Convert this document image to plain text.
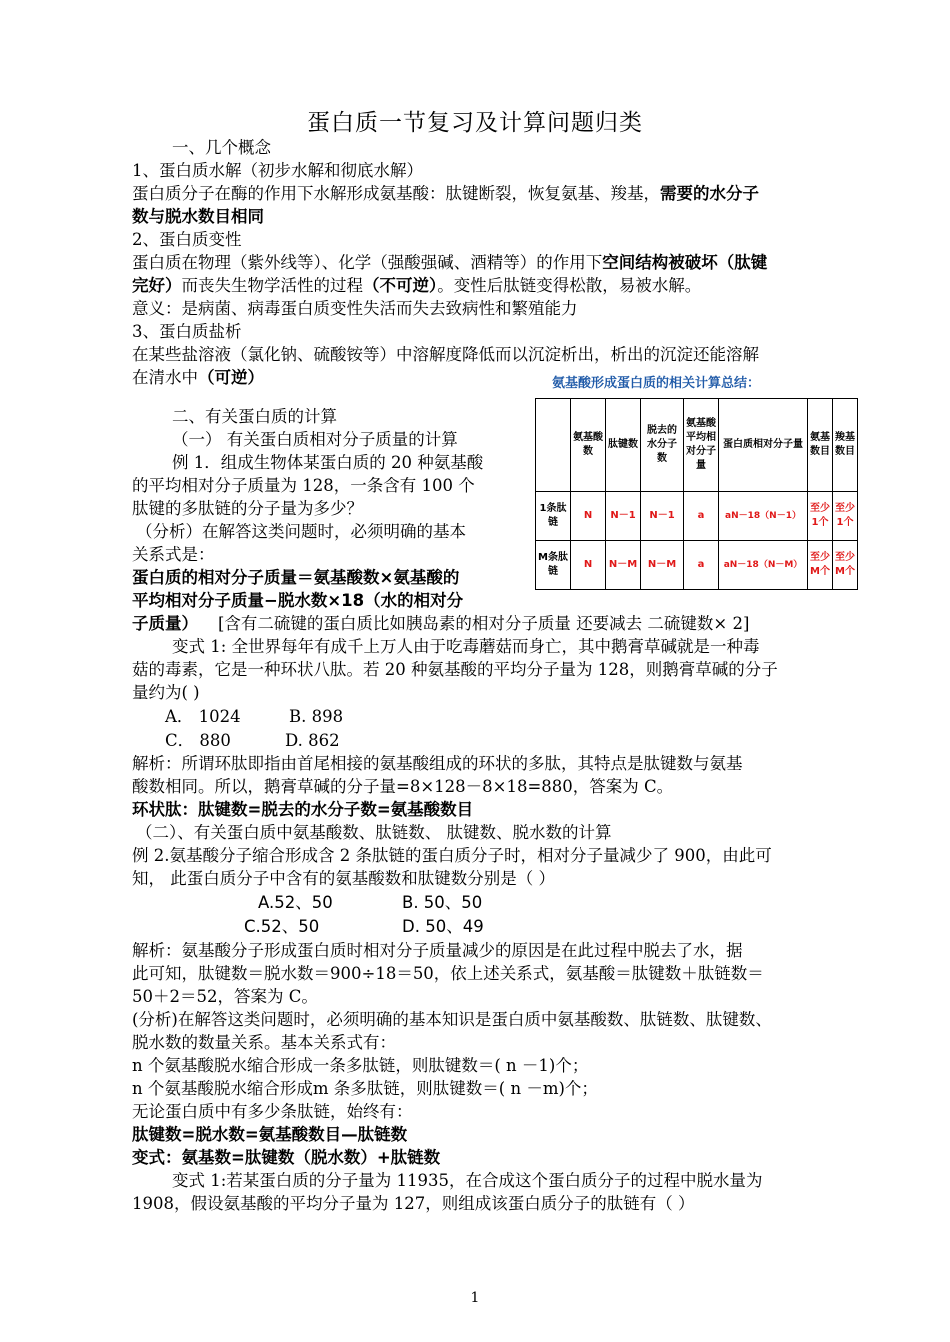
蛋白质一节复习及计算问题归类
一、几个概念
1、蛋白质水解（初步水解和彻底水解）
蛋白质分子在酶的作用下水解形成氨基酸：肽键断裂，恢复氨基、羧基，需要的水分子
数与脱水数目相同
2、蛋白质变性
蛋白质在物理（紫外线等）、化学（强酸强碱、酒精等）的作用下空间结构被破坏（肽键
完好）而丧失生物学活性的过程（不可逆）。变性后肽链变得松散，易被水解。
意义：是病菌、病毒蛋白质变性失活而失去致病性和繁殖能力
3、蛋白质盐析
在某些盐溶液（氯化钠、硫酸铵等）中溶解度降低而以沉淀析出，析出的沉淀还能溶解
在清水中（可逆）	氨基酸形成蛋白质的相关计算总结：
	氨基酸数	肽键数	脱去的水分子数	氨基酸平均相对分子量	蛋白质相对分子量	氨基数目	羧基数目
1条肽链	N	N－1	N－1	a	aN－18（N－1）	至少1个	至少1个
M条肽链	N	N－M	N－M	a	aN－18（N－M）	至少M个	至少M个
二、有关蛋白质的计算
（一） 有关蛋白质相对分子质量的计算
例 1．组成生物体某蛋白质的 20 种氨基酸
的平均相对分子质量为 128，一条含有 100 个
肽键的多肽链的分子量为多少？
（分析）在解答这类问题时，必须明确的基本
关系式是：
蛋白质的相对分子质量＝氨基酸数×氨基酸的
平均相对分子质量−脱水数×18（水的相对分
子质量） [含有二硫键的蛋白质比如胰岛素的相对分子质量 还要减去 二硫键数× 2]
变式 1: 全世界每年有成千上万人由于吃毒蘑菇而身亡，其中鹅膏草碱就是一种毒
菇的毒素，它是一种环状八肽。若 20 种氨基酸的平均分子量为 128，则鹅膏草碱的分子
量约为( )
A． 1024	B. 898
C． 880	D. 862
解析：所谓环肽即指由首尾相接的氨基酸组成的环状的多肽，其特点是肽键数与氨基
酸数相同。所以，鹅膏草碱的分子量=8×128－8×18=880，答案为 C。
环状肽：肽键数=脱去的水分子数=氨基酸数目
（二）、有关蛋白质中氨基酸数、肽链数、 肽键数、脱水数的计算
例 2.氨基酸分子缩合形成含 2 条肽链的蛋白质分子时，相对分子量减少了 900，由此可
知， 此蛋白质分子中含有的氨基酸数和肽键数分别是（ ）
A.52、50	B. 50、50
C.52、50	D. 50、49
解析：氨基酸分子形成蛋白质时相对分子质量减少的原因是在此过程中脱去了水，据
此可知，肽键数＝脱水数＝900÷18＝50，依上述关系式，氨基酸＝肽键数＋肽链数＝
50＋2＝52，答案为 C。
(分析)在解答这类问题时，必须明确的基本知识是蛋白质中氨基酸数、肽链数、肽键数、
脱水数的数量关系。基本关系式有：
n 个氨基酸脱水缩合形成一条多肽链，则肽键数＝( n －1)个；
n 个氨基酸脱水缩合形成m 条多肽链，则肽键数＝( n －m)个；
无论蛋白质中有多少条肽链，始终有：
肽键数=脱水数=氨基酸数目—肽链数
变式：氨基数=肽键数（脱水数）+肽链数
变式 1:若某蛋白质的分子量为 11935，在合成这个蛋白质分子的过程中脱水量为
1908，假设氨基酸的平均分子量为 127，则组成该蛋白质分子的肽链有（ ）
1
